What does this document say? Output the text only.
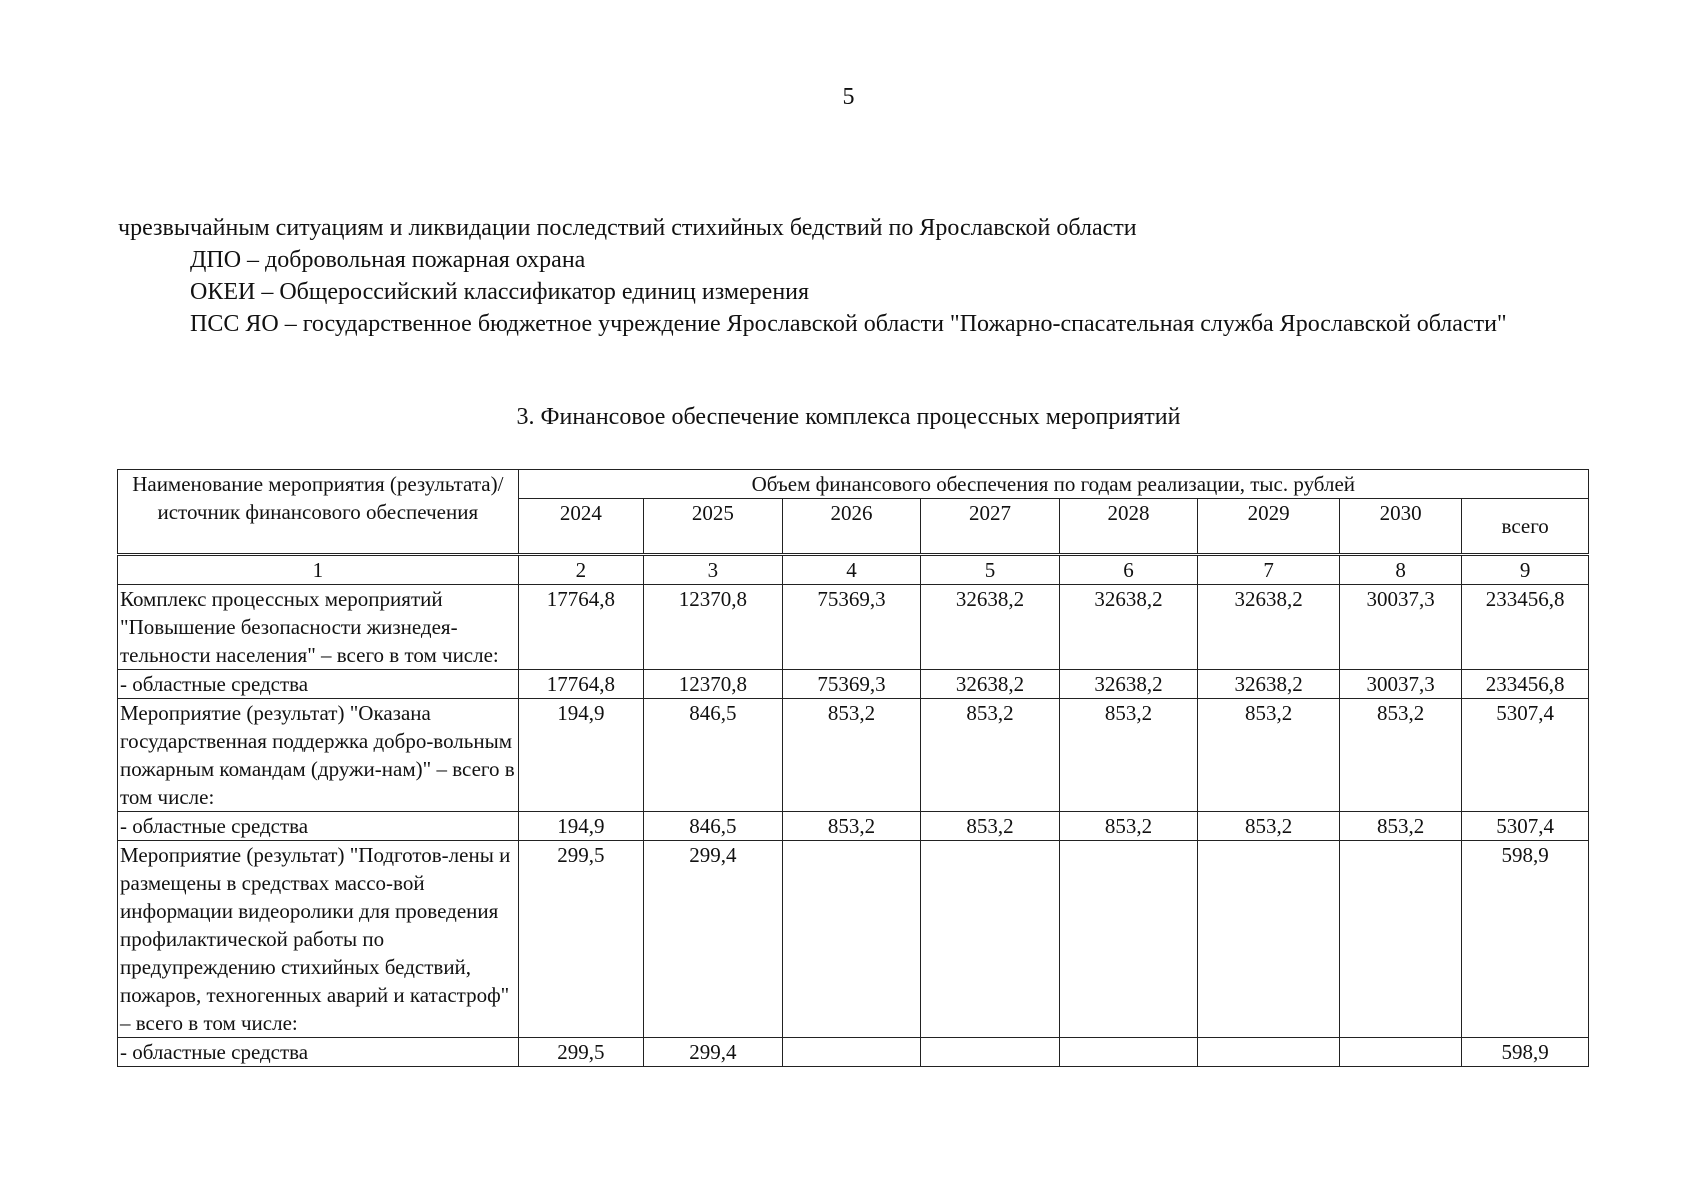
5

чрезвычайным ситуациям и ликвидации последствий стихийных бедствий по Ярославской области

ДПО – добровольная пожарная охрана

ОКЕИ – Общероссийский классификатор единиц измерения

ПСС ЯО – государственное бюджетное учреждение Ярославской области "Пожарно-спасательная служба Ярославской области"

3. Финансовое обеспечение комплекса процессных мероприятий
Наименование мероприятия (результата)/ источник финансового обеспечения	Объем финансового обеспечения по годам реализации, тыс. рублей							
	2024	2025	2026	2027	2028	2029	2030	всего
1	2	3	4	5	6	7	8	9
Комплекс процессных мероприятий "Повышение безопасности жизнедея-тельности населения" – всего в том числе:	17764,8	12370,8	75369,3	32638,2	32638,2	32638,2	30037,3	233456,8
- областные средства	17764,8	12370,8	75369,3	32638,2	32638,2	32638,2	30037,3	233456,8
Мероприятие (результат) "Оказана государственная поддержка добро-вольным пожарным командам (дружи-нам)" – всего в том числе:	194,9	846,5	853,2	853,2	853,2	853,2	853,2	5307,4
- областные средства	194,9	846,5	853,2	853,2	853,2	853,2	853,2	5307,4
Мероприятие (результат) "Подготов-лены и размещены в средствах массо-вой информации видеоролики для проведения профилактической работы по предупреждению стихийных бедствий, пожаров, техногенных аварий и катастроф" – всего в том числе:	299,5	299,4						598,9
- областные средства	299,5	299,4						598,9
